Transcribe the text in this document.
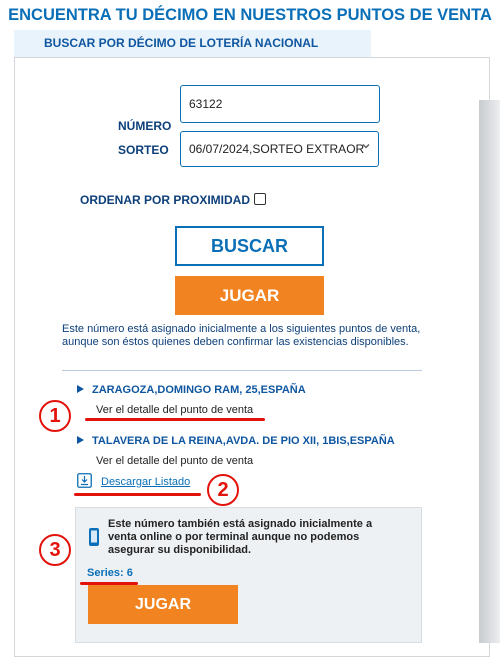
ENCUENTRA TU DÉCIMO EN NUESTROS PUNTOS DE VENTA
BUSCAR POR DÉCIMO DE LOTERÍA NACIONAL
NÚMERO
63122
SORTEO 06/07/2024,SORTEO EXTRAOR
ORDENAR POR PROXIMIDAD
BUSCAR
JUGAR
Este número está asignado inicialmente a los siguientes puntos de venta, aunque son éstos quienes deben confirmar las existencias disponibles.
ZARAGOZA,DOMINGO RAM, 25,ESPAÑA
Ver el detalle del punto de venta
1
TALAVERA DE LA REINA,AVDA. DE PIO XII, 1BIS,ESPAÑA
Ver el detalle del punto de venta
Descargar Listado	2
Este número también está asignado inicialmente a venta online o por terminal aunque no podemos asegurar su disponibilidad.
Series: 6
3
JUGAR
